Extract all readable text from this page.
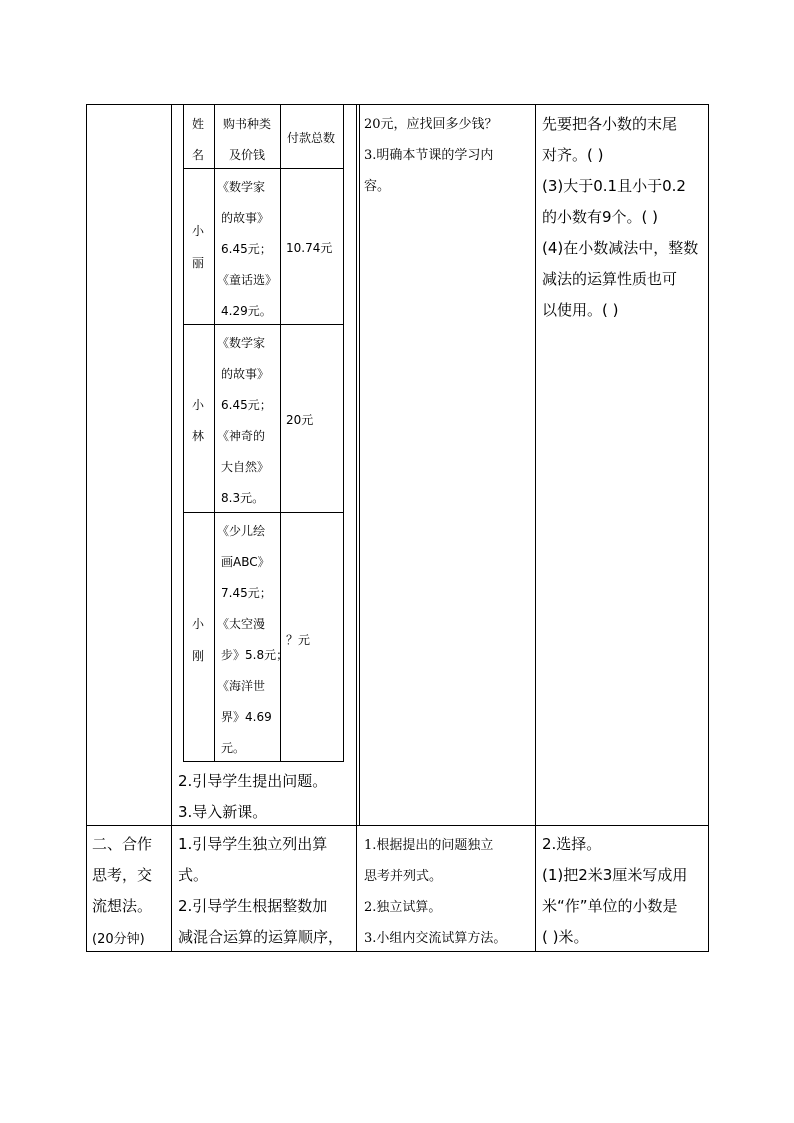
姓
名
购书种类
及价钱
付款总数
小
丽
《数学家
的故事》
6.45元；
《童话选》
4.29元。
10.74元
小
林
《数学家
的故事》
6.45元；
《神奇的
大自然》
8.3元。
20元
小
刚
《少儿绘
画ABC》
7.45元；
《太空漫
步》5.8元；
《海洋世
界》4.69
元。
？元
2.引导学生提出问题。
3.导入新课。
20元，应找回多少钱？
3.明确本节课的学习内
容。
先要把各小数的末尾
对齐。( )
(3)大于0.1且小于0.2
的小数有9个。( )
(4)在小数减法中，整数
减法的运算性质也可
以使用。( )
二、合作
思考，交
流想法。
(20分钟)
1.引导学生独立列出算
式。
2.引导学生根据整数加
减混合运算的运算顺序，
1.根据提出的问题独立
思考并列式。
2.独立试算。
3.小组内交流试算方法。
2.选择。
(1)把2米3厘米写成用
米“作”单位的小数是
( )米。
